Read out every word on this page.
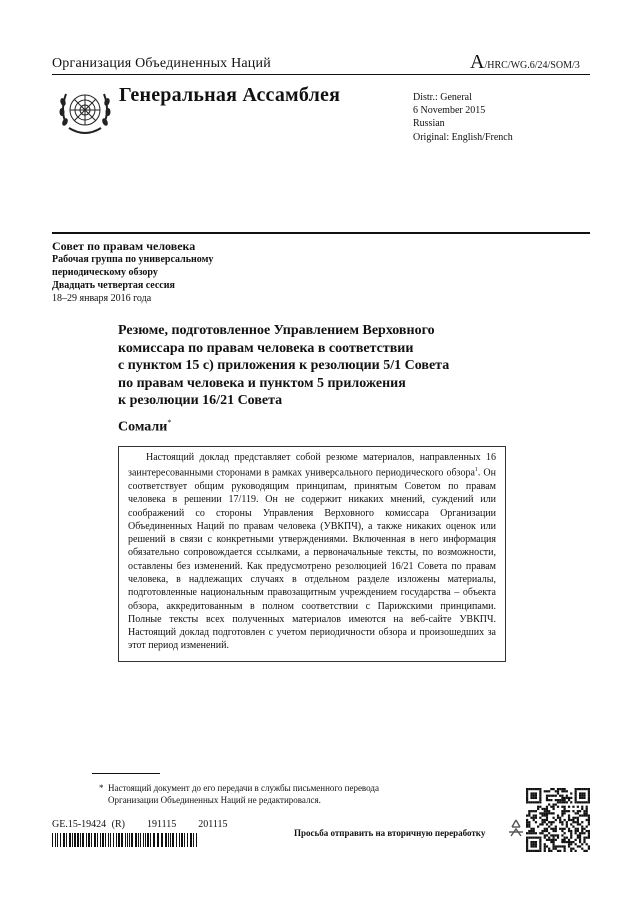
Организация Объединенных Наций	A/HRC/WG.6/24/SOM/3
Генеральная Ассамблея	Distr.: General
6 November 2015
Russian
Original: English/French
Совет по правам человека
Рабочая группа по универсальному
периодическому обзору
Двадцать четвертая сессия
18–29 января 2016 года
Резюме, подготовленное Управлением Верховного
комиссара по правам человека в соответствии
с пунктом 15 c) приложения к резолюции 5/1 Совета
по правам человека и пунктом 5 приложения
к резолюции 16/21 Совета
Сомали*

Настоящий доклад представляет собой резюме материалов, направленных 16 заинтересованными сторонами в рамках универсального периодического обзора$^1$. Он соответствует общим руководящим принципам, принятым Советом по правам человека в решении 17/119. Он не содержит никаких мнений, суждений или соображений со стороны Управления Верховного комиссара Организации Объединенных Наций по правам человека (УВКПЧ), а также никаких оценок или решений в связи с конкретными утверждениями. Включенная в него информация обязательно сопровождается ссылками, а первоначальные тексты, по возможности, оставлены без изменений. Как предусмотрено резолюцией 16/21 Совета по правам человека, в надлежащих случаях в отдельном разделе изложены материалы, подготовленные национальным правозащитным учреждением государства – объекта обзора, аккредитованным в полном соответствии с Парижскими принципами. Полные тексты всех полученных материалов имеются на веб-сайте УВКПЧ. Настоящий доклад подготовлен с учетом периодичности обзора и произошедших за этот период изменений.

* Настоящий документ до его передачи в службы письменного перевода Организации Объединенных Наций не редактировался.
GE.15-19424 (R) 191115 201115
Просьба отправить на вторичную переработку
